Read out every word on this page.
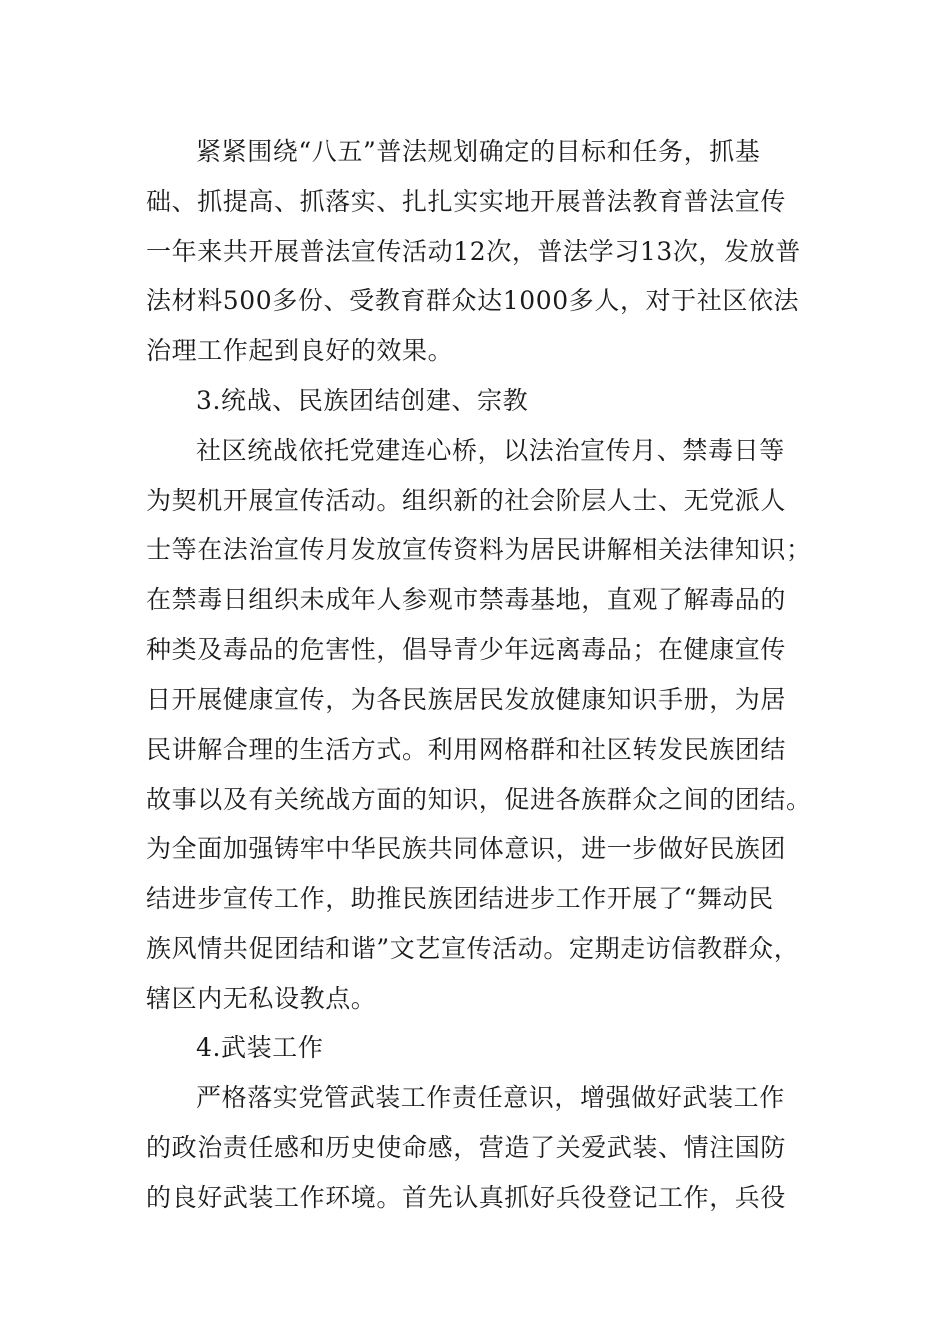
紧紧围绕“八五”普法规划确定的目标和任务，抓基
础、抓提高、抓落实、扎扎实实地开展普法教育普法宣传
一年来共开展普法宣传活动12次，普法学习13次，发放普
法材料500多份、受教育群众达1000多人，对于社区依法
治理工作起到良好的效果。
3.统战、民族团结创建、宗教
社区统战依托党建连心桥，以法治宣传月、禁毒日等
为契机开展宣传活动。组织新的社会阶层人士、无党派人
士等在法治宣传月发放宣传资料为居民讲解相关法律知识；
在禁毒日组织未成年人参观市禁毒基地，直观了解毒品的
种类及毒品的危害性，倡导青少年远离毒品；在健康宣传
日开展健康宣传，为各民族居民发放健康知识手册，为居
民讲解合理的生活方式。利用网格群和社区转发民族团结
故事以及有关统战方面的知识，促进各族群众之间的团结。
为全面加强铸牢中华民族共同体意识，进一步做好民族团
结进步宣传工作，助推民族团结进步工作开展了“舞动民
族风情共促团结和谐”文艺宣传活动。定期走访信教群众，
辖区内无私设教点。
4.武装工作
严格落实党管武装工作责任意识，增强做好武装工作
的政治责任感和历史使命感，营造了关爱武装、情注国防
的良好武装工作环境。首先认真抓好兵役登记工作，兵役
